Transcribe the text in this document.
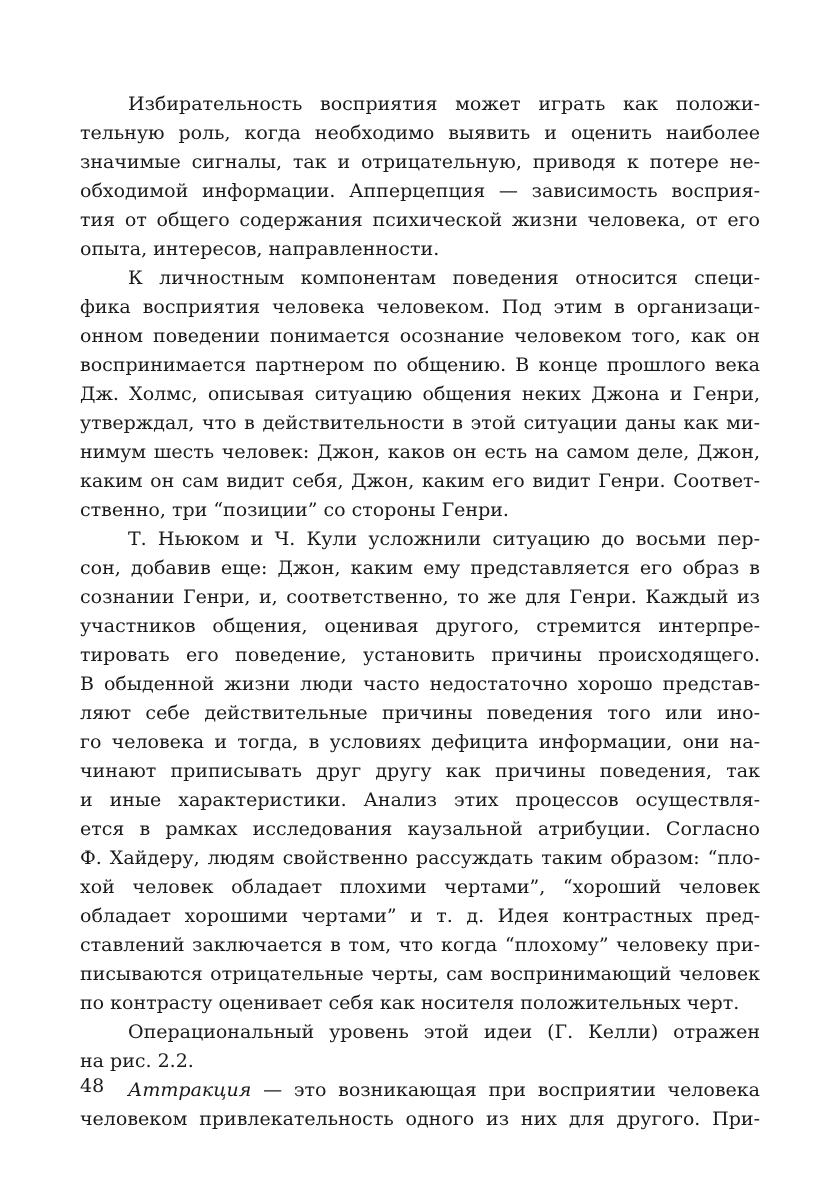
Избирательность восприятия может играть как положи-
тельную роль, когда необходимо выявить и оценить наиболее
значимые сигналы, так и отрицательную, приводя к потере не-
обходимой информации. Апперцепция — зависимость восприя-
тия от общего содержания психической жизни человека, от его
опыта, интересов, направленности.
К личностным компонентам поведения относится специ-
фика восприятия человека человеком. Под этим в организаци-
онном поведении понимается осознание человеком того, как он
воспринимается партнером по общению. В конце прошлого века
Дж. Холмс, описывая ситуацию общения неких Джона и Генри,
утверждал, что в действительности в этой ситуации даны как ми-
нимум шесть человек: Джон, каков он есть на самом деле, Джон,
каким он сам видит себя, Джон, каким его видит Генри. Соответ-
ственно, три “позиции” со стороны Генри.
Т. Ньюком и Ч. Кули усложнили ситуацию до восьми пер-
сон, добавив еще: Джон, каким ему представляется его образ в
сознании Генри, и, соответственно, то же для Генри. Каждый из
участников общения, оценивая другого, стремится интерпре-
тировать его поведение, установить причины происходящего.
В обыденной жизни люди часто недостаточно хорошо представ-
ляют себе действительные причины поведения того или ино-
го человека и тогда, в условиях дефицита информации, они на-
чинают приписывать друг другу как причины поведения, так
и иные характеристики. Анализ этих процессов осуществля-
ется в рамках исследования каузальной атрибуции. Согласно
Ф. Хайдеру, людям свойственно рассуждать таким образом: “пло-
хой человек обладает плохими чертами”, “хороший человек
обладает хорошими чертами” и т. д. Идея контрастных пред-
ставлений заключается в том, что когда “плохому” человеку при-
писываются отрицательные черты, сам воспринимающий человек
по контрасту оценивает себя как носителя положительных черт.
Операциональный уровень этой идеи (Г. Келли) отражен
на рис. 2.2.
Аттракция — это возникающая при восприятии человека
человеком привлекательность одного из них для другого. При-
48
